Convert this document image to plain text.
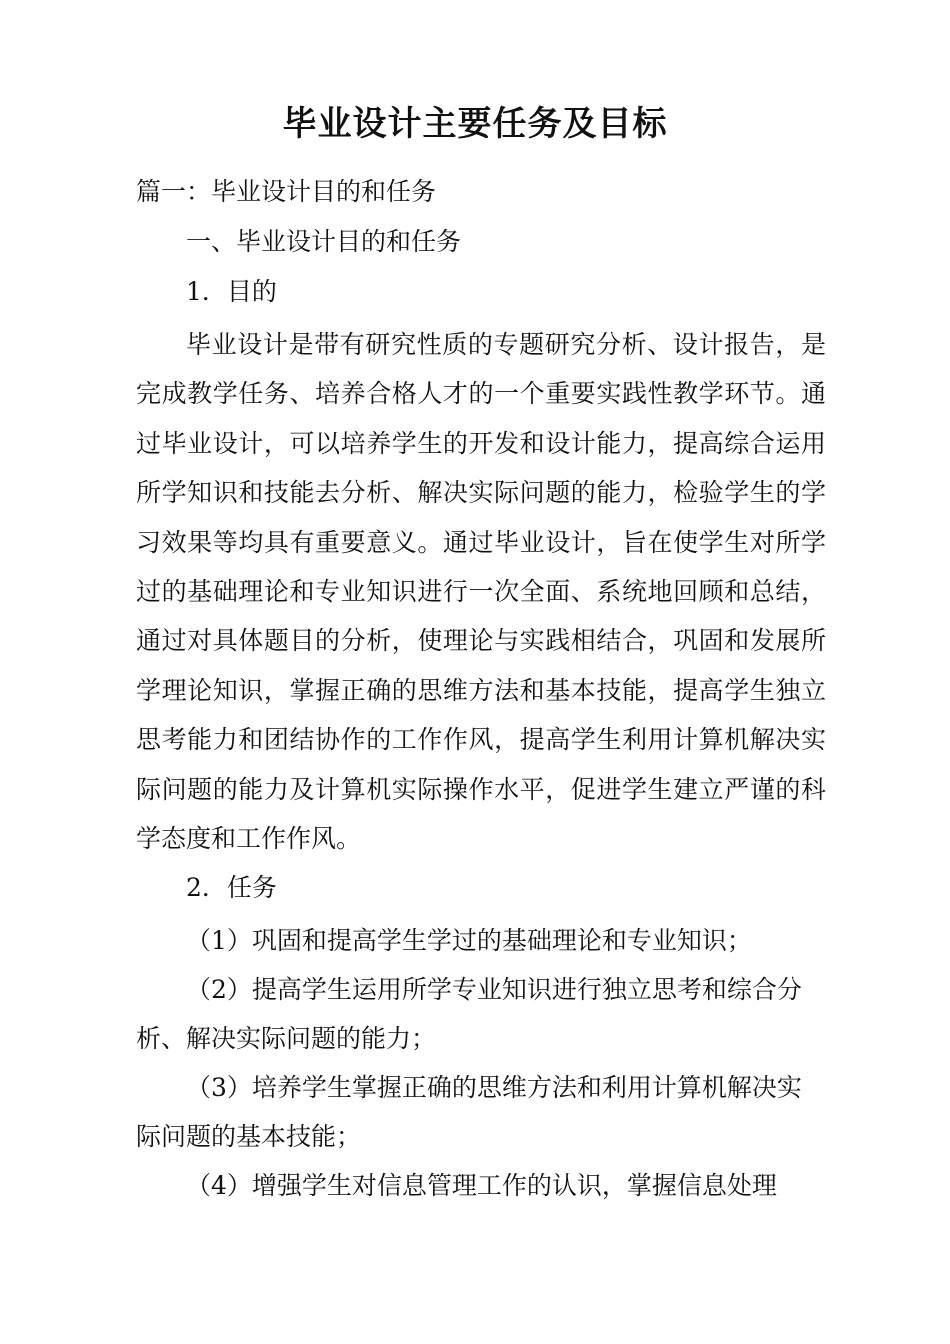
毕业设计主要任务及目标

篇一：毕业设计目的和任务

一、毕业设计目的和任务

1．目的

毕业设计是带有研究性质的专题研究分析、设计报告，是完成教学任务、培养合格人才的一个重要实践性教学环节。通过毕业设计，可以培养学生的开发和设计能力，提高综合运用所学知识和技能去分析、解决实际问题的能力，检验学生的学习效果等均具有重要意义。通过毕业设计，旨在使学生对所学过的基础理论和专业知识进行一次全面、系统地回顾和总结，通过对具体题目的分析，使理论与实践相结合，巩固和发展所学理论知识，掌握正确的思维方法和基本技能，提高学生独立思考能力和团结协作的工作作风，提高学生利用计算机解决实际问题的能力及计算机实际操作水平，促进学生建立严谨的科学态度和工作作风。

2．任务

（1）巩固和提高学生学过的基础理论和专业知识；

（2）提高学生运用所学专业知识进行独立思考和综合分析、解决实际问题的能力；

（3）培养学生掌握正确的思维方法和利用计算机解决实际问题的基本技能；

（4）增强学生对信息管理工作的认识，掌握信息处理
